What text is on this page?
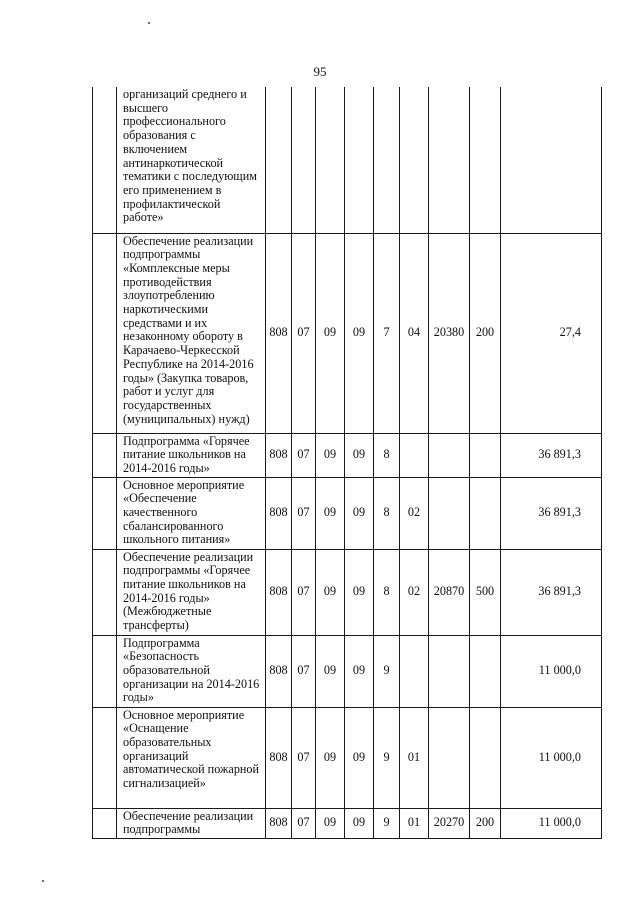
95
	организаций среднего и высшего профессионального образования с включением антинаркотической тематики с последующим его применением в профилактической работе»									
	Обеспечение реализации подпрограммы «Комплексные меры противодействия злоупотреблению наркотическими средствами и их незаконному обороту в Карачаево-Черкесской Республике на 2014-2016 годы» (Закупка товаров, работ и услуг для государственных (муниципальных) нужд)	808	07	09	09	7	04	20380	200	27,4
	Подпрограмма «Горячее питание школьников на 2014-2016 годы»	808	07	09	09	8				36 891,3
	Основное мероприятие «Обеспечение качественного сбалансированного школьного питания»	808	07	09	09	8	02			36 891,3
	Обеспечение реализации подпрограммы «Горячее питание школьников на 2014-2016 годы» (Межбюджетные трансферты)	808	07	09	09	8	02	20870	500	36 891,3
	Подпрограмма «Безопасность образовательной организации на 2014-2016 годы»	808	07	09	09	9				11 000,0
	Основное мероприятие «Оснащение образовательных организаций автоматической пожарной сигнализацией»	808	07	09	09	9	01			11 000,0
	Обеспечение реализации подпрограммы	808	07	09	09	9	01	20270	200	11 000,0
